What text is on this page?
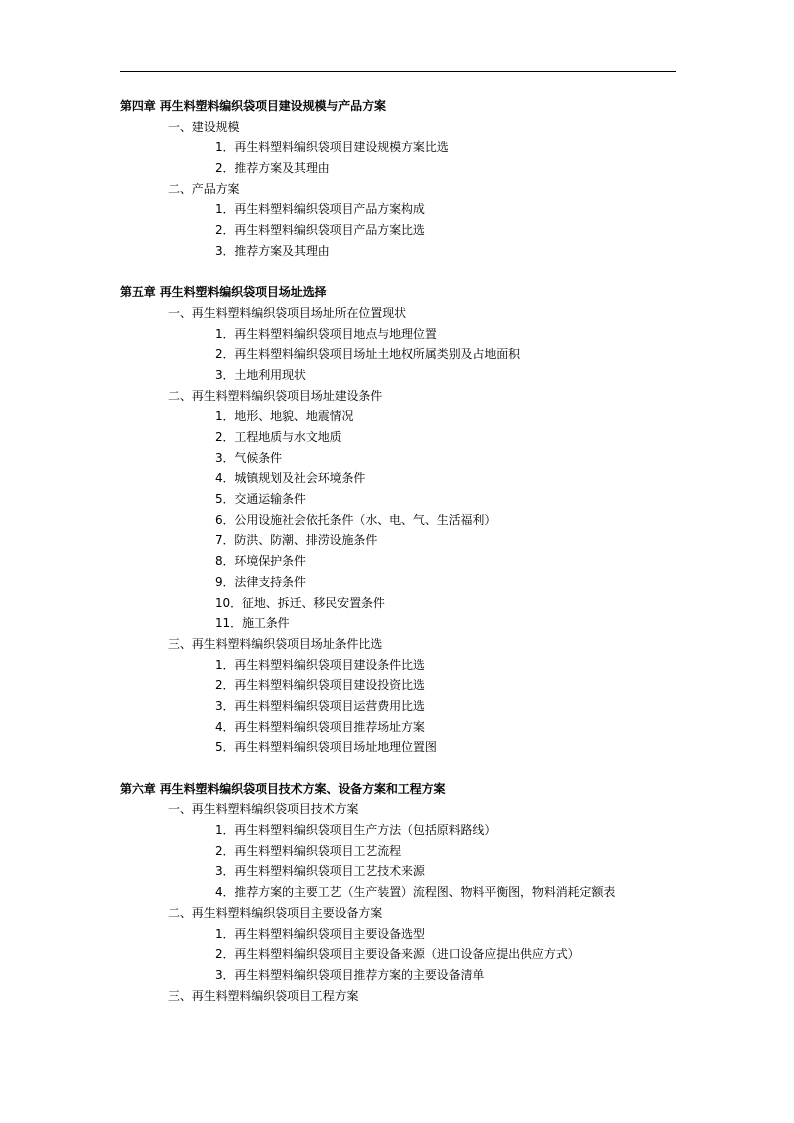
第四章 再生料塑料编织袋项目建设规模与产品方案
一、建设规模
1．再生料塑料编织袋项目建设规模方案比选
2．推荐方案及其理由
二、产品方案
1．再生料塑料编织袋项目产品方案构成
2．再生料塑料编织袋项目产品方案比选
3．推荐方案及其理由
第五章 再生料塑料编织袋项目场址选择
一、再生料塑料编织袋项目场址所在位置现状
1．再生料塑料编织袋项目地点与地理位置
2．再生料塑料编织袋项目场址土地权所属类别及占地面积
3．土地利用现状
二、再生料塑料编织袋项目场址建设条件
1．地形、地貌、地震情况
2．工程地质与水文地质
3．气候条件
4．城镇规划及社会环境条件
5．交通运输条件
6．公用设施社会依托条件（水、电、气、生活福利）
7．防洪、防潮、排涝设施条件
8．环境保护条件
9．法律支持条件
10．征地、拆迁、移民安置条件
11．施工条件
三、再生料塑料编织袋项目场址条件比选
1．再生料塑料编织袋项目建设条件比选
2．再生料塑料编织袋项目建设投资比选
3．再生料塑料编织袋项目运营费用比选
4．再生料塑料编织袋项目推荐场址方案
5．再生料塑料编织袋项目场址地理位置图
第六章 再生料塑料编织袋项目技术方案、设备方案和工程方案
一、再生料塑料编织袋项目技术方案
1．再生料塑料编织袋项目生产方法（包括原料路线）
2．再生料塑料编织袋项目工艺流程
3．再生料塑料编织袋项目工艺技术来源
4．推荐方案的主要工艺（生产装置）流程图、物料平衡图，物料消耗定额表
二、再生料塑料编织袋项目主要设备方案
1．再生料塑料编织袋项目主要设备选型
2．再生料塑料编织袋项目主要设备来源（进口设备应提出供应方式）
3．再生料塑料编织袋项目推荐方案的主要设备清单
三、再生料塑料编织袋项目工程方案
